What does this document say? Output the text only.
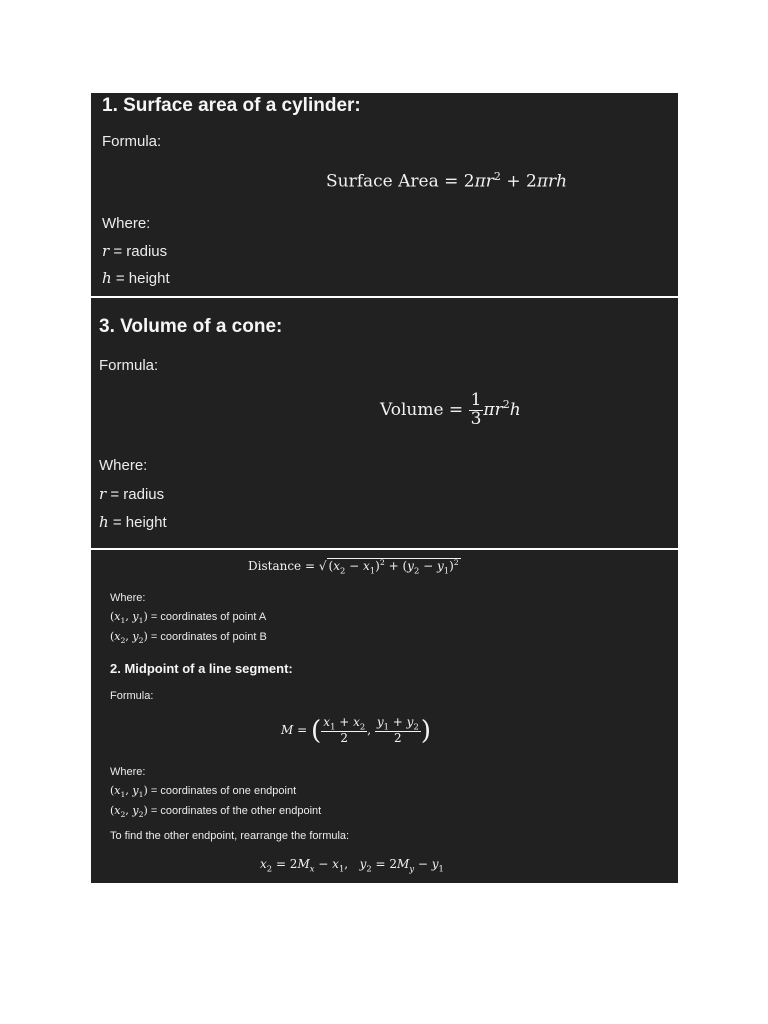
1. Surface area of a cylinder:
Formula:
Surface Area = $2\pi r^2 + 2\pi rh$
Where:
r = radius
h = height
3. Volume of a cone:
Formula:
Volume = $\frac{1}{3} \pi r^2h$
Where:
r = radius
h = height
Distance = √ $(x_2 - x_1)^2 + (y_2 - y_1)^2$
Where:
($x_1$, $y_1$) = coordinates of point A
($x_2$, $y_2$) = coordinates of point B
2. Midpoint of a line segment:
Formula:
M = ( $\frac{x_1 + x_2}{2}$ , $\frac{y_1 + y_2}{2}$ )
Where:
($x_1$, $y_1$) = coordinates of one endpoint
($x_2$, $y_2$) = coordinates of the other endpoint
To find the other endpoint, rearrange the formula:
$x_2 = 2M_x - x_1$,   $y_2 = 2M_y - y_1$
